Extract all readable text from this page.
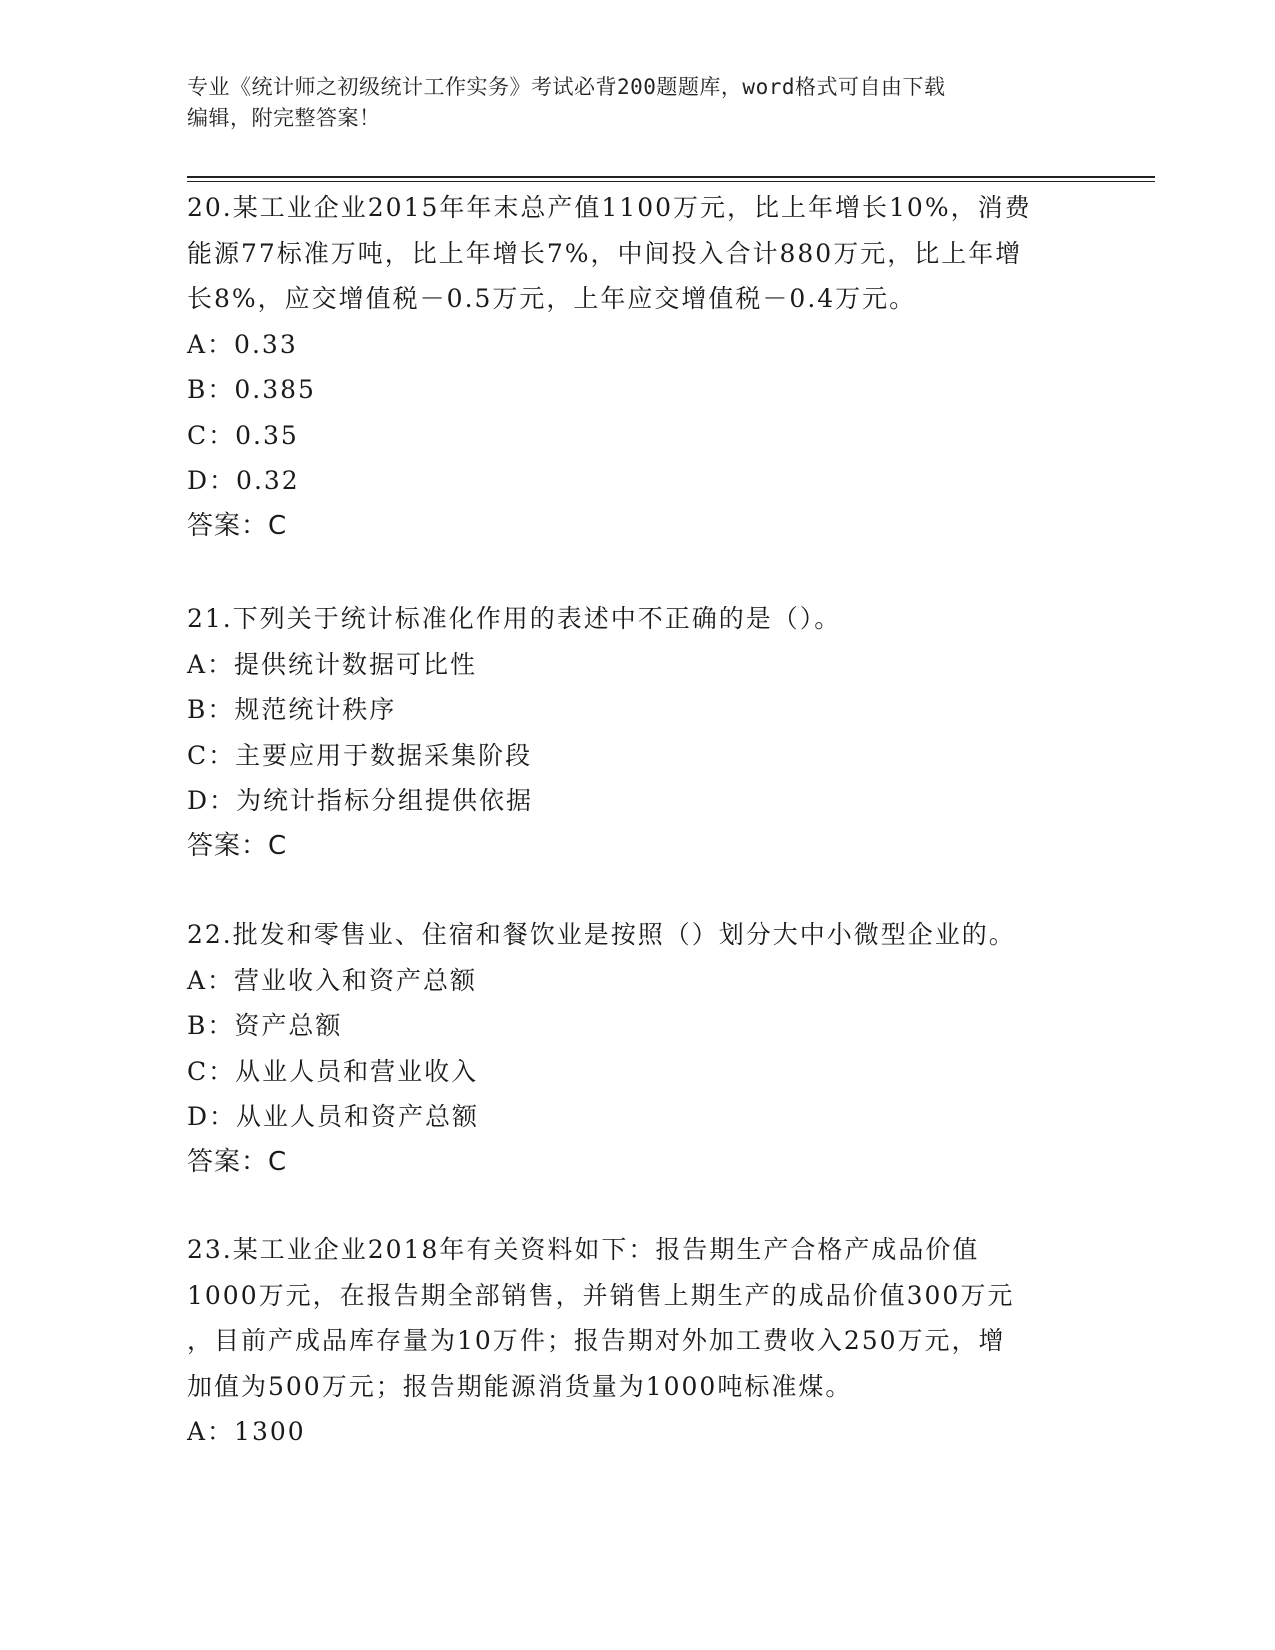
专业《统计师之初级统计工作实务》考试必背200题题库，word格式可自由下载
编辑，附完整答案！
20.某工业企业2015年年末总产值1100万元，比上年增长10%，消费
能源77标准万吨，比上年增长7%，中间投入合计880万元，比上年增
长8%，应交增值税－0.5万元，上年应交增值税－0.4万元。
A：0.33
B：0.385
C：0.35
D：0.32
答案：C
21.下列关于统计标准化作用的表述中不正确的是（）。
A：提供统计数据可比性
B：规范统计秩序
C：主要应用于数据采集阶段
D：为统计指标分组提供依据
答案：C
22.批发和零售业、住宿和餐饮业是按照（）划分大中小微型企业的。
A：营业收入和资产总额
B：资产总额
C：从业人员和营业收入
D：从业人员和资产总额
答案：C
23.某工业企业2018年有关资料如下：报告期生产合格产成品价值
1000万元，在报告期全部销售，并销售上期生产的成品价值300万元
，目前产成品库存量为10万件；报告期对外加工费收入250万元，增
加值为500万元；报告期能源消货量为1000吨标准煤。
A：1300
